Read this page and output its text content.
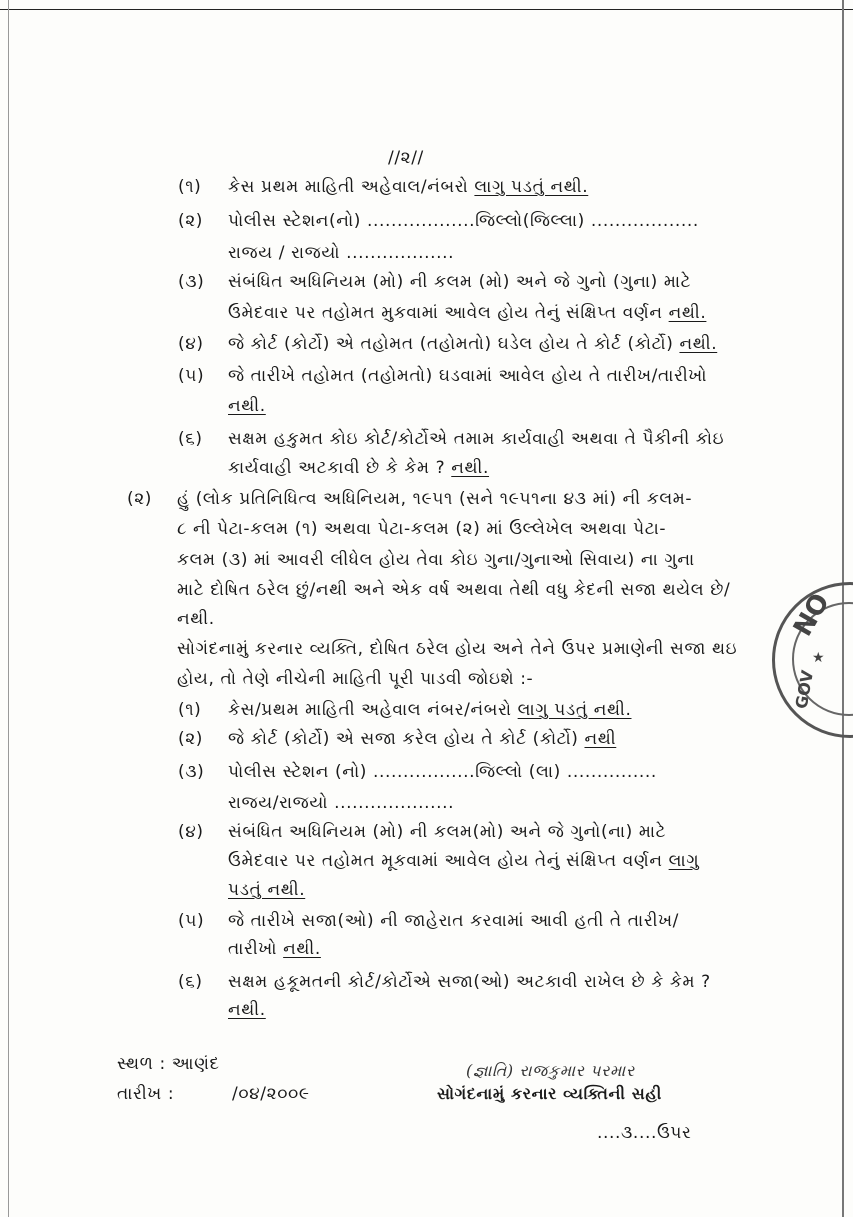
//૨//
(૧) કેસ પ્રથમ માહિતી અહેવાલ/નંબરો લાગુ પડતું નથી.
(૨) પોલીસ સ્ટેશન(નો) ..................જિલ્લો(જિલ્લા) ..................
રાજય / રાજયો ..................
(૩) સંબંધિત અધિનિયમ (મો) ની કલમ (મો) અને જે ગુનો (ગુના) માટે
ઉમેદવાર પર તહોમત મુકવામાં આવેલ હોય તેનું સંક્ષિપ્ત વર્ણન નથી.
(૪) જે કોર્ટ (કોર્ટો) એ તહોમત (તહોમતો) ઘડેલ હોય તે કોર્ટ (કોર્ટો) નથી.
(૫) જે તારીખે તહોમત (તહોમતો) ઘડવામાં આવેલ હોય તે તારીખ/તારીખો
નથી.
(૬) સક્ષમ હકુમત કોઇ કોર્ટ/કોર્ટોએ તમામ કાર્યવાહી અથવા તે પૈકીની કોઇ
કાર્યવાહી અટકાવી છે કે કેમ ? નથી.
(૨) હું (લોક પ્રતિનિધિત્વ અધિનિયમ, ૧૯૫૧ (સને ૧૯૫૧ના ૪૩ માં) ની કલમ-
૮ ની પેટા-કલમ (૧) અથવા પેટા-કલમ (૨) માં ઉલ્લેખેલ અથવા પેટા-
કલમ (૩) માં આવરી લીધેલ હોય તેવા કોઇ ગુના/ગુનાઓ સિવાય) ના ગુના
માટે દોષિત ઠરેલ છું/નથી અને એક વર્ષ અથવા તેથી વધુ કેદની સજા થયેલ છે/
નથી.
સોગંદનામું કરનાર વ્યક્તિ, દોષિત ઠરેલ હોય અને તેને ઉપર પ્રમાણેની સજા થઇ
હોય, તો તેણે નીચેની માહિતી પૂરી પાડવી જોઇશે :-
(૧) કેસ/પ્રથમ માહિતી અહેવાલ નંબર/નંબરો લાગુ પડતું નથી.
(૨) જે કોર્ટ (કોર્ટો) એ સજા કરેલ હોય તે કોર્ટ (કોર્ટો) નથી
(૩) પોલીસ સ્ટેશન (નો) .................જિલ્લો (લા) ...............
રાજય/રાજયો ....................
(૪) સંબંધિત અધિનિયમ (મો) ની કલમ(મો) અને જે ગુનો(ના) માટે
ઉમેદવાર પર તહોમત મૂકવામાં આવેલ હોય તેનું સંક્ષિપ્ત વર્ણન લાગુ
પડતું નથી.
(૫) જે તારીખે સજા(ઓ) ની જાહેરાત કરવામાં આવી હતી તે તારીખ/
તારીખો નથી.
(૬) સક્ષમ હકૂમતની કોર્ટ/કોર્ટોએ સજા(ઓ) અટકાવી રાખેલ છે કે કેમ ?
નથી.
સ્થળ : આણંદ
તારીખ :	/૦૪/૨૦૦૯
(જ્ઞાતિ) રાજકુમાર પરમાર
સોગંદનામું કરનાર વ્યક્તિની સહી
....૩....ઉપર
NO
★
GOV
